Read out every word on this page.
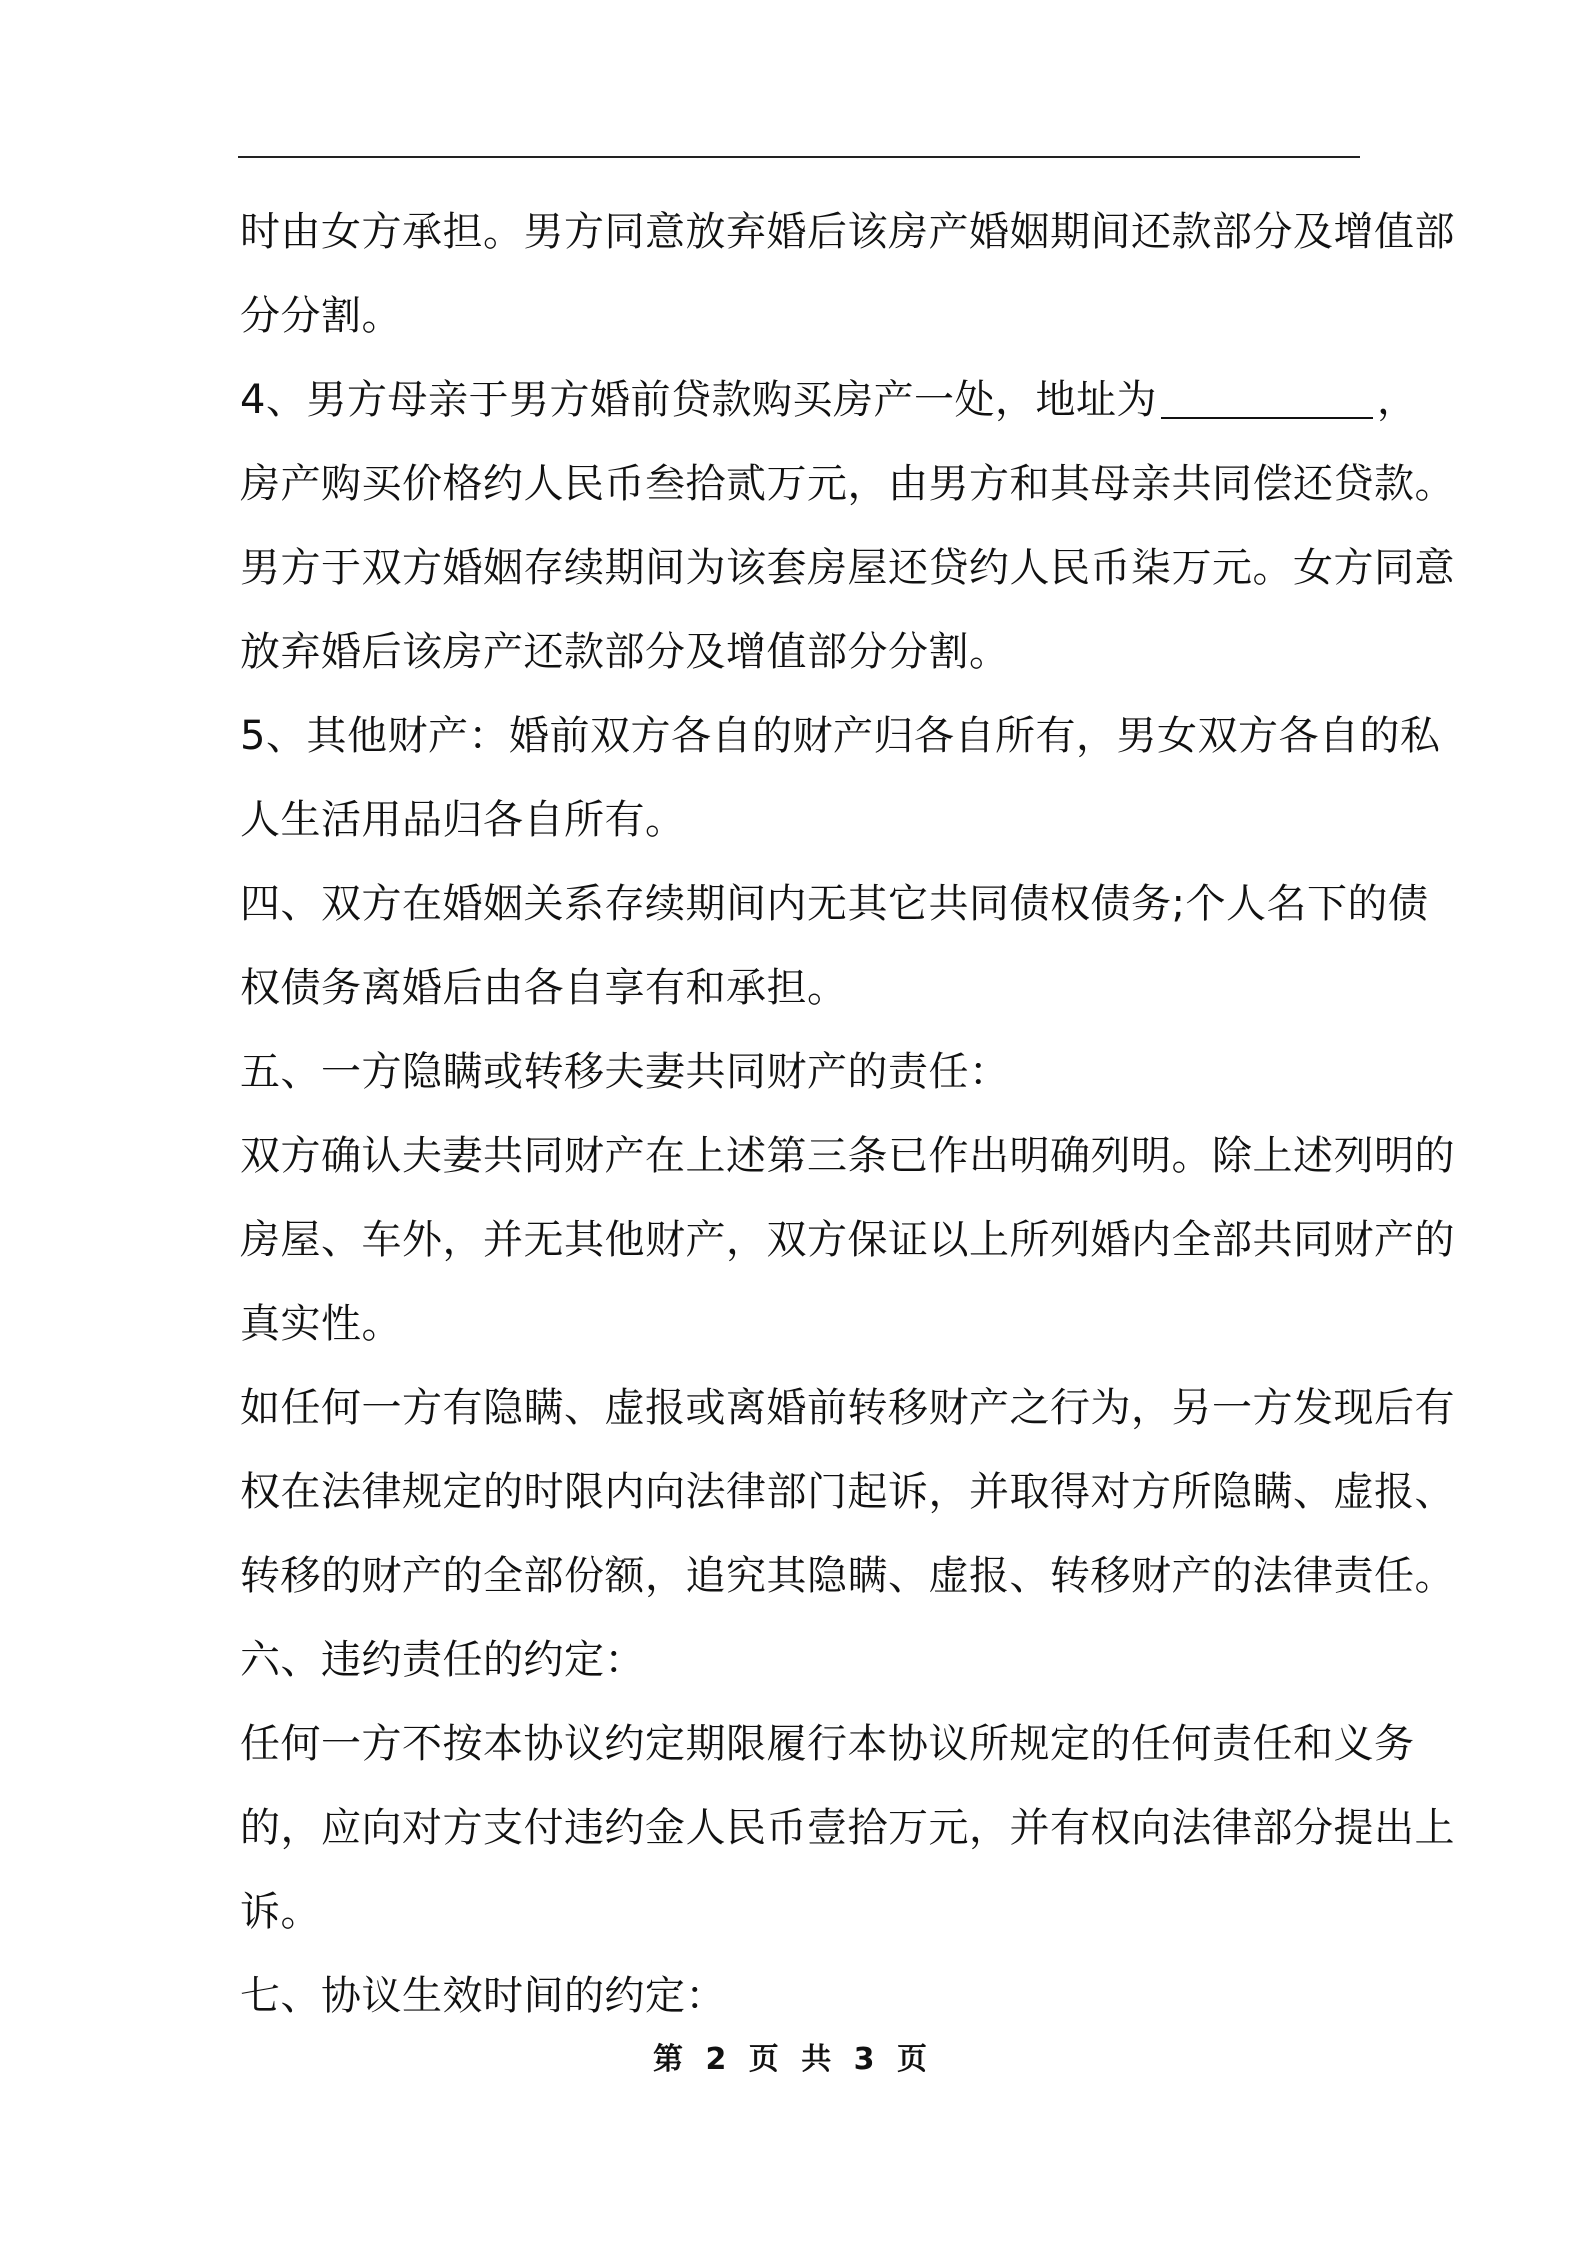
时由女方承担。男方同意放弃婚后该房产婚姻期间还款部分及增值部
分分割。
4、男方母亲于男方婚前贷款购买房产一处，地址为	，
房产购买价格约人民币叁拾贰万元，由男方和其母亲共同偿还贷款。
男方于双方婚姻存续期间为该套房屋还贷约人民币柒万元。女方同意
放弃婚后该房产还款部分及增值部分分割。
5、其他财产：婚前双方各自的财产归各自所有，男女双方各自的私
人生活用品归各自所有。
四、双方在婚姻关系存续期间内无其它共同债权债务;个人名下的债
权债务离婚后由各自享有和承担。
五、一方隐瞒或转移夫妻共同财产的责任：
双方确认夫妻共同财产在上述第三条已作出明确列明。除上述列明的
房屋、车外，并无其他财产，双方保证以上所列婚内全部共同财产的
真实性。
如任何一方有隐瞒、虚报或离婚前转移财产之行为，另一方发现后有
权在法律规定的时限内向法律部门起诉，并取得对方所隐瞒、虚报、
转移的财产的全部份额，追究其隐瞒、虚报、转移财产的法律责任。
六、违约责任的约定：
任何一方不按本协议约定期限履行本协议所规定的任何责任和义务
的，应向对方支付违约金人民币壹拾万元，并有权向法律部分提出上
诉。
七、协议生效时间的约定：
第 2 页 共 3 页
